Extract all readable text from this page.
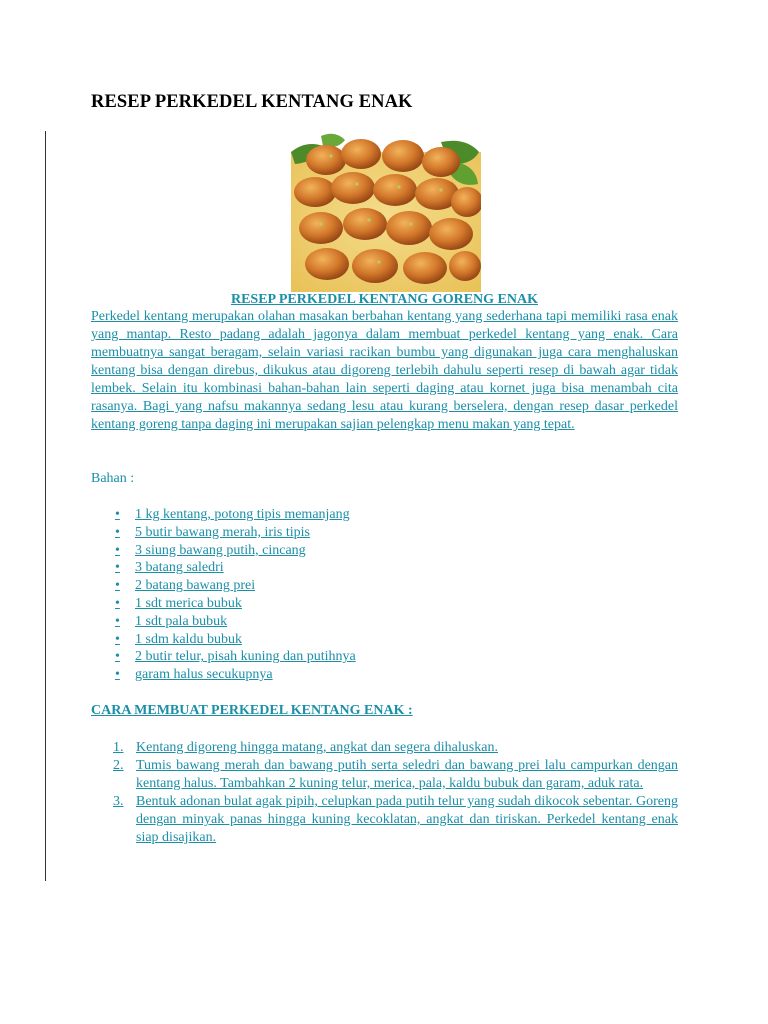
RESEP PERKEDEL KENTANG ENAK
RESEP PERKEDEL KENTANG GORENG ENAK

Perkedel kentang merupakan olahan masakan berbahan kentang yang sederhana tapi memiliki rasa enak yang mantap. Resto padang adalah jagonya dalam membuat perkedel kentang yang enak. Cara membuatnya sangat beragam, selain variasi racikan bumbu yang digunakan juga cara menghaluskan kentang bisa dengan direbus, dikukus atau digoreng terlebih dahulu seperti resep di bawah agar tidak lembek. Selain itu kombinasi bahan-bahan lain seperti daging atau kornet juga bisa menambah cita rasanya. Bagi yang nafsu makannya sedang lesu atau kurang berselera, dengan resep dasar perkedel kentang goreng tanpa daging ini merupakan sajian pelengkap menu makan yang tepat.

Bahan :

• 1 kg kentang, potong tipis memanjang
• 5 butir bawang merah, iris tipis
• 3 siung bawang putih, cincang
• 3 batang saledri
• 2 batang bawang prei
• 1 sdt merica bubuk
• 1 sdt pala bubuk
• 1 sdm kaldu bubuk
• 2 butir telur, pisah kuning dan putihnya
• garam halus secukupnya
CARA MEMBUAT PERKEDEL KENTANG ENAK :
1. Kentang digoreng hingga matang, angkat dan segera dihaluskan.
2. Tumis bawang merah dan bawang putih serta seledri dan bawang prei lalu campurkan dengan kentang halus. Tambahkan 2 kuning telur, merica, pala, kaldu bubuk dan garam, aduk rata.
3. Bentuk adonan bulat agak pipih, celupkan pada putih telur yang sudah dikocok sebentar. Goreng dengan minyak panas hingga kuning kecoklatan, angkat dan tiriskan. Perkedel kentang enak siap disajikan.
